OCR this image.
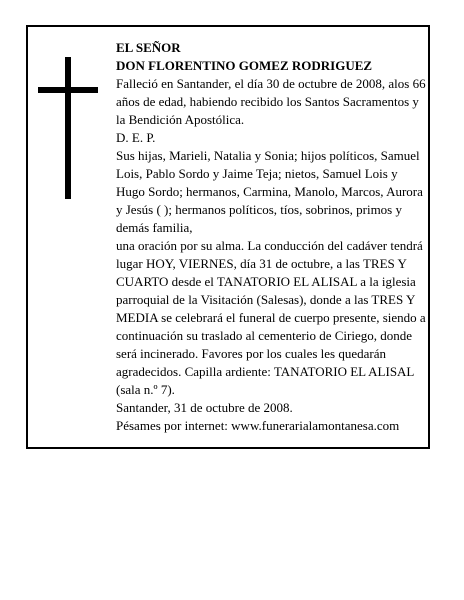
EL SEÑOR

DON FLORENTINO GOMEZ RODRIGUEZ

Falleció en Santander, el día 30 de octubre de 2008, alos 66 años de edad, habiendo recibido los Santos Sacramentos y la Bendición Apostólica.

D. E. P.

Sus hijas, Marieli, Natalia y Sonia; hijos políticos, Samuel Lois, Pablo Sordo y Jaime Teja; nietos, Samuel Lois y Hugo Sordo; hermanos, Carmina, Manolo, Marcos, Aurora y Jesús ( ); hermanos políticos, tíos, sobrinos, primos y demás familia,

una oración por su alma. La conducción del cadáver tendrá lugar HOY, VIERNES, día 31 de octubre, a las TRES Y CUARTO desde el TANATORIO EL ALISAL a la iglesia parroquial de la Visitación (Salesas), donde a las TRES Y MEDIA se celebrará el funeral de cuerpo presente, siendo a continuación su traslado al cementerio de Ciriego, donde será incinerado. Favores por los cuales les quedarán agradecidos. Capilla ardiente: TANATORIO EL ALISAL (sala n.º 7).

Santander, 31 de octubre de 2008.

Pésames por internet: www.funerarialamontanesa.com
